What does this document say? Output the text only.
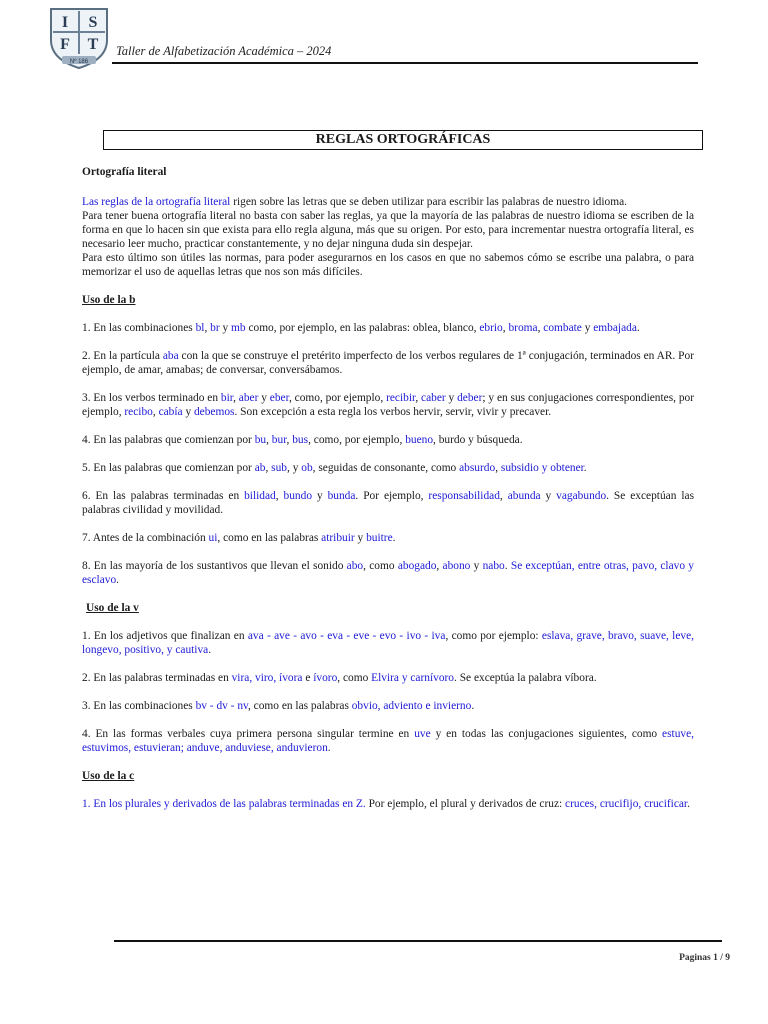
I S
F T
Nº 186
Taller de Alfabetización Académica – 2024
REGLAS ORTOGRÁFICAS

Ortografía literal

Las reglas de la ortografía literal rigen sobre las letras que se deben utilizar para escribir las palabras de nuestro idioma.

Para tener buena ortografía literal no basta con saber las reglas, ya que la mayoría de las palabras de nuestro idioma se escriben de la forma en que lo hacen sin que exista para ello regla alguna, más que su origen. Por esto, para incrementar nuestra ortografía literal, es necesario leer mucho, practicar constantemente, y no dejar ninguna duda sin despejar.

Para esto último son útiles las normas, para poder asegurarnos en los casos en que no sabemos cómo se escribe una palabra, o para memorizar el uso de aquellas letras que nos son más difíciles.

Uso de la b

1. En las combinaciones bl, br y mb como, por ejemplo, en las palabras: oblea, blanco, ebrio, broma, combate y embajada.

2. En la partícula aba con la que se construye el pretérito imperfecto de los verbos regulares de 1ª conjugación, terminados en AR. Por ejemplo, de amar, amabas; de conversar, conversábamos.

3. En los verbos terminado en bir, aber y eber, como, por ejemplo, recibir, caber y deber; y en sus conjugaciones correspondientes, por ejemplo, recibo, cabía y debemos. Son excepción a esta regla los verbos hervir, servir, vivir y precaver.

4. En las palabras que comienzan por bu, bur, bus, como, por ejemplo, bueno, burdo y búsqueda.

5. En las palabras que comienzan por ab, sub, y ob, seguidas de consonante, como absurdo, subsidio y obtener.

6. En las palabras terminadas en bilidad, bundo y bunda. Por ejemplo, responsabilidad, abunda y vagabundo. Se exceptúan las palabras civilidad y movilidad.

7. Antes de la combinación ui, como en las palabras atribuir y buitre.

8. En las mayoría de los sustantivos que llevan el sonido abo, como abogado, abono y nabo. Se exceptúan, entre otras, pavo, clavo y esclavo.

Uso de la v

1. En los adjetivos que finalizan en ava - ave - avo - eva - eve - evo - ivo - iva, como por ejemplo: eslava, grave, bravo, suave, leve, longevo, positivo, y cautiva.

2. En las palabras terminadas en vira, viro, ívora e ívoro, como Elvira y carnívoro. Se exceptúa la palabra víbora.

3. En las combinaciones bv - dv - nv, como en las palabras obvio, adviento e invierno.

4. En las formas verbales cuya primera persona singular termine en uve y en todas las conjugaciones siguientes, como estuve, estuvimos, estuvieran; anduve, anduviese, anduvieron.

Uso de la c

1. En los plurales y derivados de las palabras terminadas en Z. Por ejemplo, el plural y derivados de cruz: cruces, crucifijo, crucificar.

Paginas 1 / 9
